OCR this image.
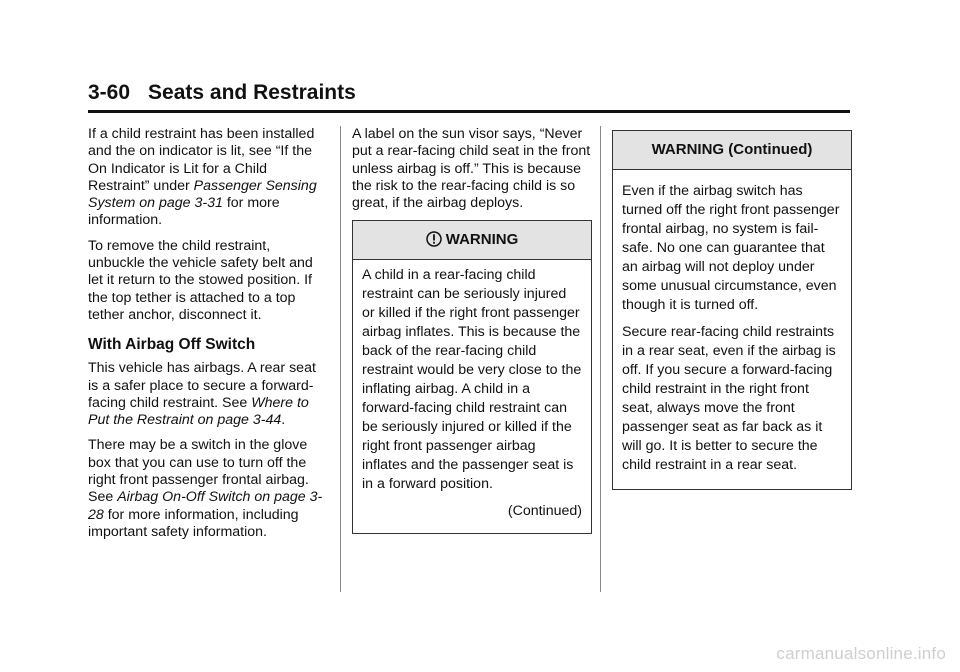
3-60 Seats and Restraints

If a child restraint has been installed and the on indicator is lit, see “If the On Indicator is Lit for a Child Restraint” under Passenger Sensing System on page 3-31 for more information.

To remove the child restraint, unbuckle the vehicle safety belt and let it return to the stowed position. If the top tether is attached to a top tether anchor, disconnect it.

With Airbag Off Switch

This vehicle has airbags. A rear seat is a safer place to secure a forward-facing child restraint. See Where to Put the Restraint on page 3-44.

There may be a switch in the glove box that you can use to turn off the right front passenger frontal airbag. See Airbag On-Off Switch on page 3-28 for more information, including important safety information.

A label on the sun visor says, “Never put a rear-facing child seat in the front unless airbag is off.” This is because the risk to the rear-facing child is so great, if the airbag deploys.

WARNING

A child in a rear-facing child restraint can be seriously injured or killed if the right front passenger airbag inflates. This is because the back of the rear-facing child restraint would be very close to the inflating airbag. A child in a forward-facing child restraint can be seriously injured or killed if the right front passenger airbag inflates and the passenger seat is in a forward position.

(Continued)

WARNING (Continued)

Even if the airbag switch has turned off the right front passenger frontal airbag, no system is fail-safe. No one can guarantee that an airbag will not deploy under some unusual circumstance, even though it is turned off.

Secure rear-facing child restraints in a rear seat, even if the airbag is off. If you secure a forward-facing child restraint in the right front seat, always move the front passenger seat as far back as it will go. It is better to secure the child restraint in a rear seat.

carmanualsonline.info
